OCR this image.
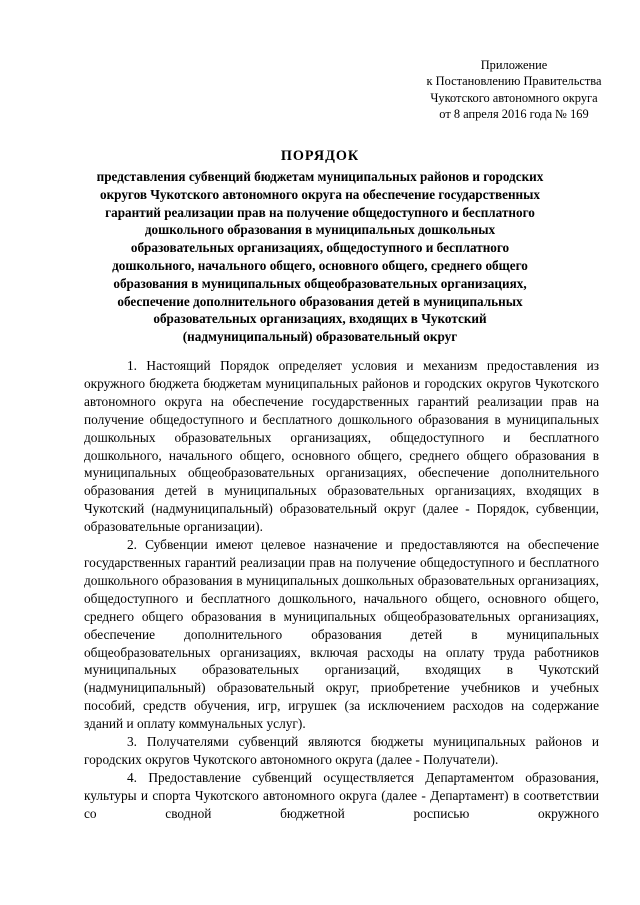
Приложение
к Постановлению Правительства
Чукотского автономного округа
от 8 апреля 2016 года № 169
ПОРЯДОК
представления субвенций бюджетам муниципальных районов и городских
округов Чукотского автономного округа на обеспечение государственных
гарантий реализации прав на получение общедоступного и бесплатного
дошкольного образования в муниципальных дошкольных
образовательных организациях, общедоступного и бесплатного
дошкольного, начального общего, основного общего, среднего общего
образования в муниципальных общеобразовательных организациях,
обеспечение дополнительного образования детей в муниципальных
образовательных организациях, входящих в Чукотский
(надмуниципальный) образовательный округ

1. Настоящий Порядок определяет условия и механизм предоставления из окружного бюджета бюджетам муниципальных районов и городских округов Чукотского автономного округа на обеспечение государственных гарантий реализации прав на получение общедоступного и бесплатного дошкольного образования в муниципальных дошкольных образовательных организациях, общедоступного и бесплатного дошкольного, начального общего, основного общего, среднего общего образования в муниципальных общеобразовательных организациях, обеспечение дополнительного образования детей в муниципальных образовательных организациях, входящих в Чукотский (надмуниципальный) образовательный округ (далее - Порядок, субвенции, образовательные организации).

2. Субвенции имеют целевое назначение и предоставляются на обеспечение государственных гарантий реализации прав на получение общедоступного и бесплатного дошкольного образования в муниципальных дошкольных образовательных организациях, общедоступного и бесплатного дошкольного, начального общего, основного общего, среднего общего образования в муниципальных общеобразовательных организациях, обеспечение дополнительного образования детей в муниципальных общеобразовательных организациях, включая расходы на оплату труда работников муниципальных образовательных организаций, входящих в Чукотский (надмуниципальный) образовательный округ, приобретение учебников и учебных пособий, средств обучения, игр, игрушек (за исключением расходов на содержание зданий и оплату коммунальных услуг).

3. Получателями субвенций являются бюджеты муниципальных районов и городских округов Чукотского автономного округа (далее - Получатели).

4. Предоставление субвенций осуществляется Департаментом образования, культуры и спорта Чукотского автономного округа (далее - Департамент) в соответствии со сводной бюджетной росписью окружного
